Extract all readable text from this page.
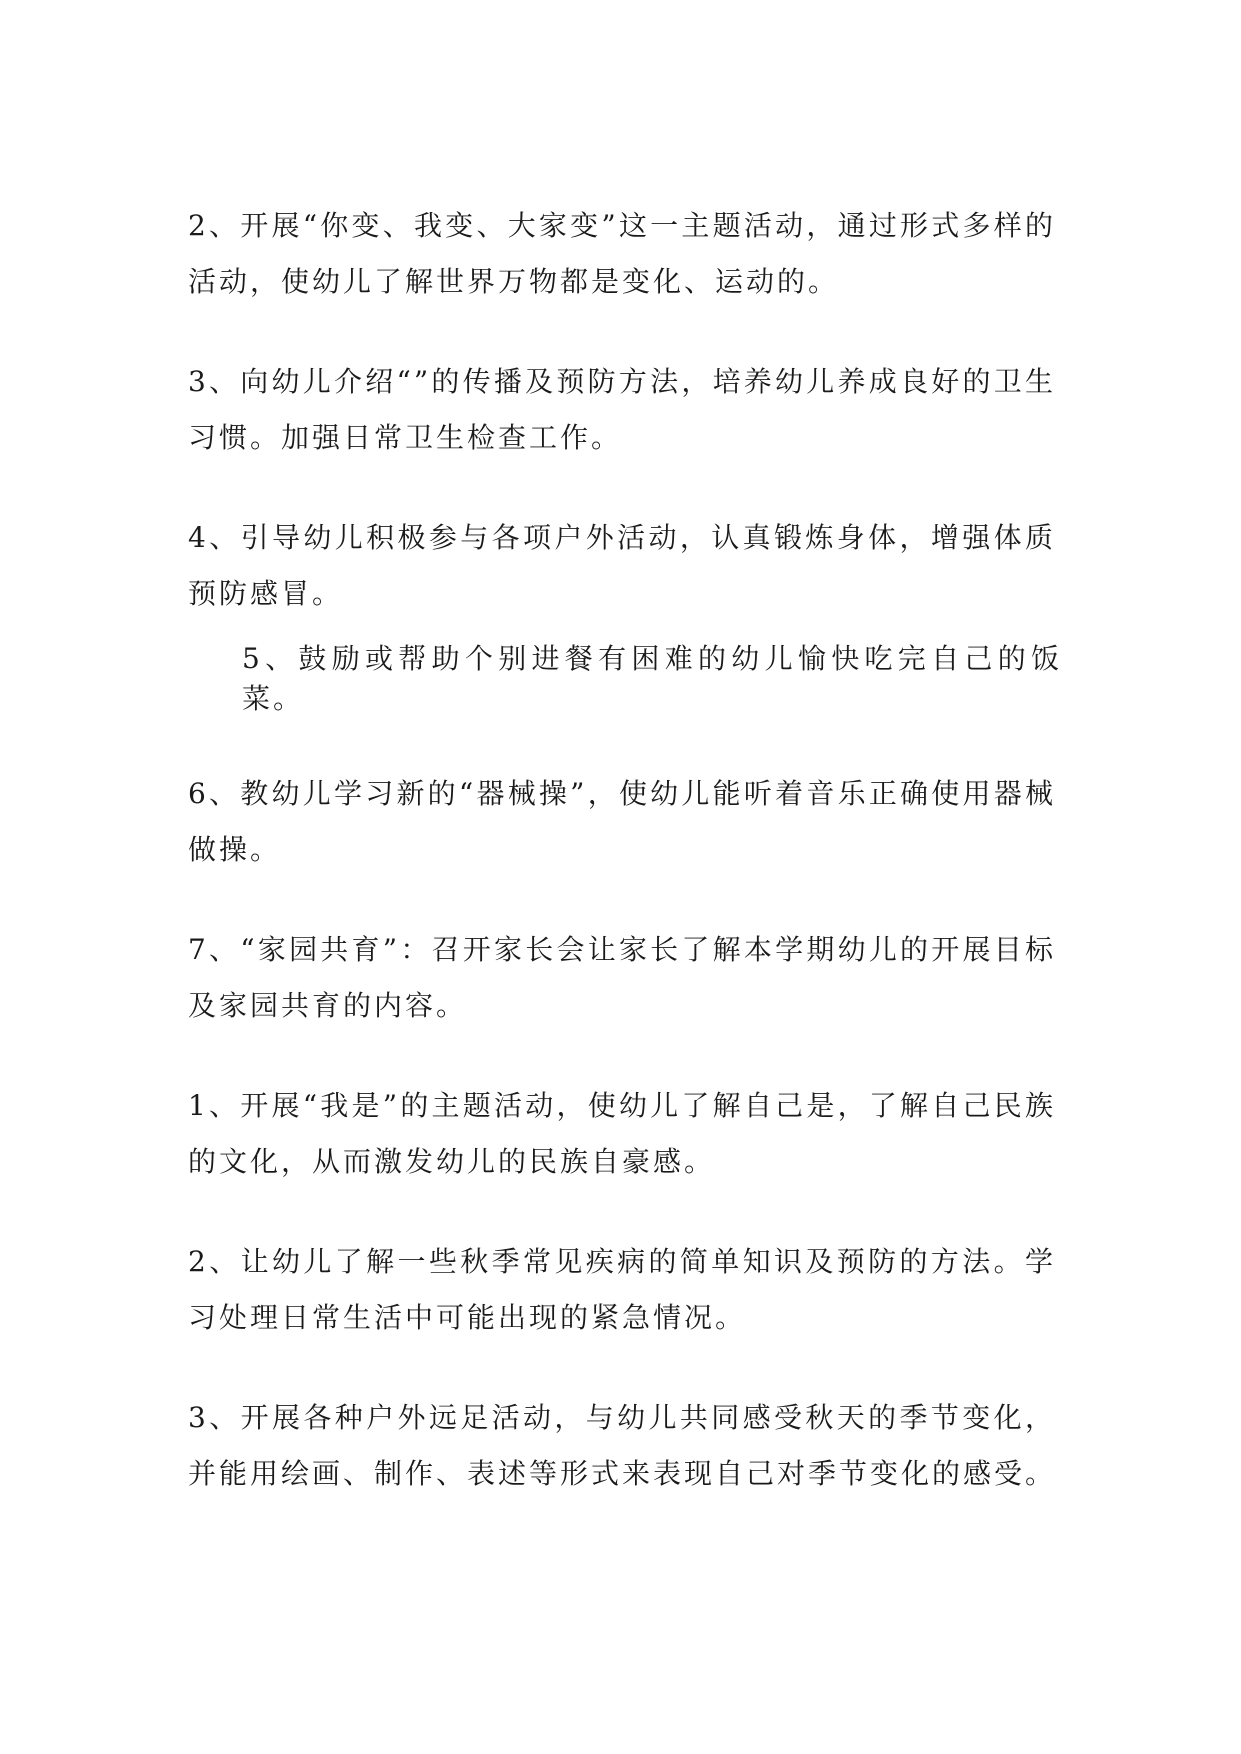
2、开展“你变、我变、大家变”这一主题活动，通过形式多样的活动，使幼儿了解世界万物都是变化、运动的。

3、向幼儿介绍“”的传播及预防方法，培养幼儿养成良好的卫生习惯。加强日常卫生检查工作。

4、引导幼儿积极参与各项户外活动，认真锻炼身体，增强体质预防感冒。

5、鼓励或帮助个别进餐有困难的幼儿愉快吃完自己的饭菜。

6、教幼儿学习新的“器械操”，使幼儿能听着音乐正确使用器械做操。

7、“家园共育”：召开家长会让家长了解本学期幼儿的开展目标及家园共育的内容。

1、开展“我是”的主题活动，使幼儿了解自己是，了解自己民族的文化，从而激发幼儿的民族自豪感。

2、让幼儿了解一些秋季常见疾病的简单知识及预防的方法。学习处理日常生活中可能出现的紧急情况。

3、开展各种户外远足活动，与幼儿共同感受秋天的季节变化，并能用绘画、制作、表述等形式来表现自己对季节变化的感受。
